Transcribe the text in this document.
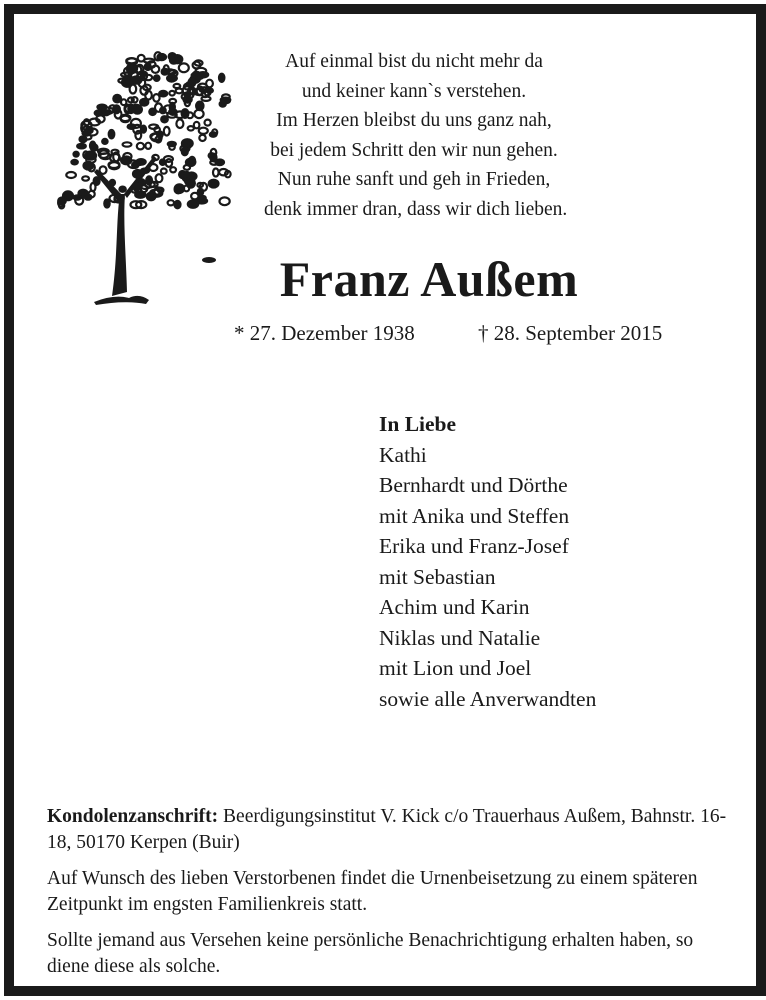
Auf einmal bist du nicht mehr da
und keiner kann`s verstehen.
Im Herzen bleibst du uns ganz nah,
bei jedem Schritt den wir nun gehen.
Nun ruhe sanft und geh in Frieden,
denk immer dran, dass wir dich lieben.
Franz Außem
* 27. Dezember 1938	† 28. September 2015
In Liebe
Kathi
Bernhardt und Dörthe
mit Anika und Steffen
Erika und Franz-Josef
mit Sebastian
Achim und Karin
Niklas und Natalie
mit Lion und Joel
sowie alle Anverwandten

Kondolenzanschrift: Beerdigungsinstitut V. Kick c/o Trauerhaus Außem, Bahnstr. 16-18, 50170 Kerpen (Buir)

Auf Wunsch des lieben Verstorbenen findet die Urnenbeisetzung zu einem späteren Zeitpunkt im engsten Familienkreis statt.

Sollte jemand aus Versehen keine persönliche Benachrichtigung erhalten haben, so diene diese als solche.
